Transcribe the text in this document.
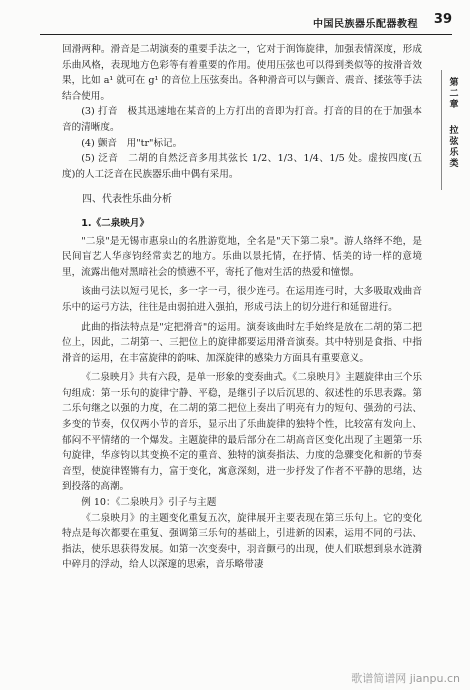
中国民族器乐配器教程 39
第二章
拉弦乐类

回滑两种。滑音是二胡演奏的重要手法之一，它对于润饰旋律，加强表情深度，形成乐曲风格，表现地方色彩等有着重要的作用。使用压弦也可以得到类似等的按滑音效果，比如 a¹ 就可在 g¹ 的音位上压弦奏出。各种滑音可以与颤音、震音、揉弦等手法结合使用。

(3) 打音　极其迅速地在某音的上方打出的音即为打音。打音的目的在于加强本音的清晰度。

(4) 颤音　用"tr"标记。

(5) 泛音　二胡的自然泛音多用其弦长 1/2、1/3、1/4、1/5 处。虚按四度(五度)的人工泛音在民族器乐曲中偶有采用。

四、代表性乐曲分析

1.《二泉映月》

"二泉"是无锡市惠泉山的名胜游览地，全名是"天下第二泉"。游人络绎不绝，是民间盲艺人华彦钧经常卖艺的地方。乐曲以景托情，在抒情、恬美的诗一样的意境里，流露出他对黑暗社会的愤懑不平，寄托了他对生活的热爱和憧憬。

该曲弓法以短弓见长，多一字一弓，很少连弓。在运用连弓时，大多吸取戏曲音乐中的运弓方法，往往是由弱拍进入强拍，形成弓法上的切分进行和延留进行。

此曲的指法特点是"定把滑音"的运用。演奏该曲时左手始终是放在二胡的第二把位上，因此，二胡第一、三把位上的旋律都要运用滑音演奏。其中特别是食指、中指滑音的运用，在丰富旋律的韵味、加深旋律的感染力方面具有重要意义。

《二泉映月》共有六段，是单一形象的变奏曲式。《二泉映月》主题旋律由三个乐句组成：第一乐句的旋律宁静、平稳，是继引子以后沉思的、叙述性的乐思表露。第二乐句继之以强的力度，在二胡的第二把位上奏出了明亮有力的短句、强劲的弓法、多变的节奏，仅仅两小节的音乐，显示出了乐曲旋律的独特个性，比较富有发向上、郁闷不平情绪的一个爆发。主题旋律的最后部分在二胡高音区变化出现了主题第一乐句旋律，华彦钧以其变换不定的重音、独特的演奏指法、力度的急骤变化和新的节奏音型，使旋律铿锵有力，富于变化，寓意深刻，进一步抒发了作者不平静的思绪，达到投落的高潮。

例 10：《二泉映月》引子与主题

《二泉映月》的主题变化重复五次，旋律展开主要表现在第三乐句上。它的变化特点是每次都要在重复、强调第三乐句的基础上，引进新的因素，运用不同的弓法、指法，使乐思获得发展。如第一次变奏中，羽音颤弓的出现，使人们联想到泉水涟漪中碎月的浮动，给人以深邃的思索，音乐略带凄

歌谱简谱网 jianpu.cn
